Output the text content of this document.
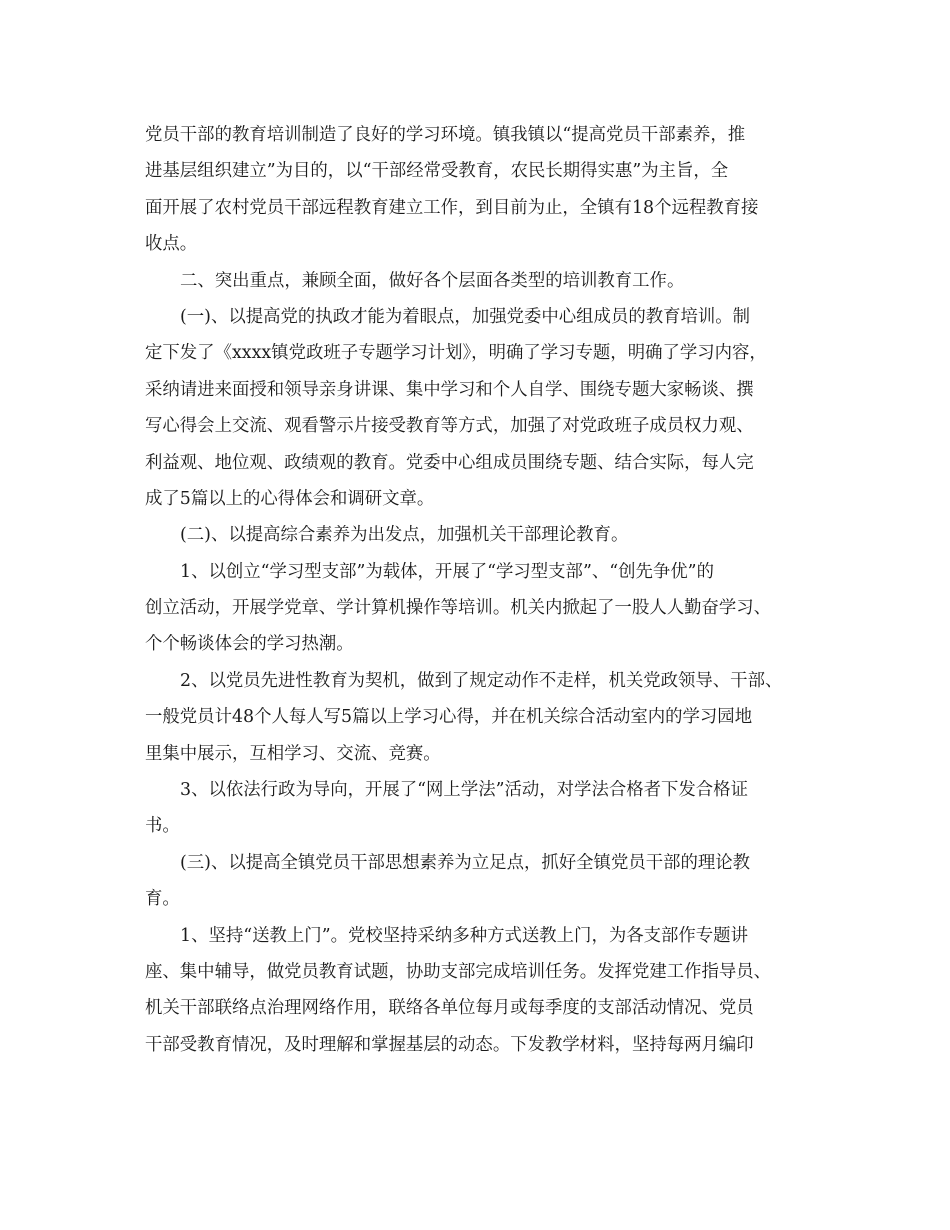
党员干部的教育培训制造了良好的学习环境。镇我镇以“提高党员干部素养，推
进基层组织建立”为目的，以“干部经常受教育，农民长期得实惠”为主旨，全
面开展了农村党员干部远程教育建立工作，到目前为止，全镇有18个远程教育接
收点。
二、突出重点，兼顾全面，做好各个层面各类型的培训教育工作。
(一)、以提高党的执政才能为着眼点，加强党委中心组成员的教育培训。制
定下发了《xxxx镇党政班子专题学习计划》，明确了学习专题，明确了学习内容，
采纳请进来面授和领导亲身讲课、集中学习和个人自学、围绕专题大家畅谈、撰
写心得会上交流、观看警示片接受教育等方式，加强了对党政班子成员权力观、
利益观、地位观、政绩观的教育。党委中心组成员围绕专题、结合实际，每人完
成了5篇以上的心得体会和调研文章。
(二)、以提高综合素养为出发点，加强机关干部理论教育。
1、以创立“学习型支部”为载体，开展了“学习型支部”、“创先争优”的
创立活动，开展学党章、学计算机操作等培训。机关内掀起了一股人人勤奋学习、
个个畅谈体会的学习热潮。
2、以党员先进性教育为契机，做到了规定动作不走样，机关党政领导、干部、
一般党员计48个人每人写5篇以上学习心得，并在机关综合活动室内的学习园地
里集中展示，互相学习、交流、竞赛。
3、以依法行政为导向，开展了“网上学法”活动，对学法合格者下发合格证
书。
(三)、以提高全镇党员干部思想素养为立足点，抓好全镇党员干部的理论教
育。
1、坚持“送教上门”。党校坚持采纳多种方式送教上门，为各支部作专题讲
座、集中辅导，做党员教育试题，协助支部完成培训任务。发挥党建工作指导员、
机关干部联络点治理网络作用，联络各单位每月或每季度的支部活动情况、党员
干部受教育情况，及时理解和掌握基层的动态。下发教学材料，坚持每两月编印
